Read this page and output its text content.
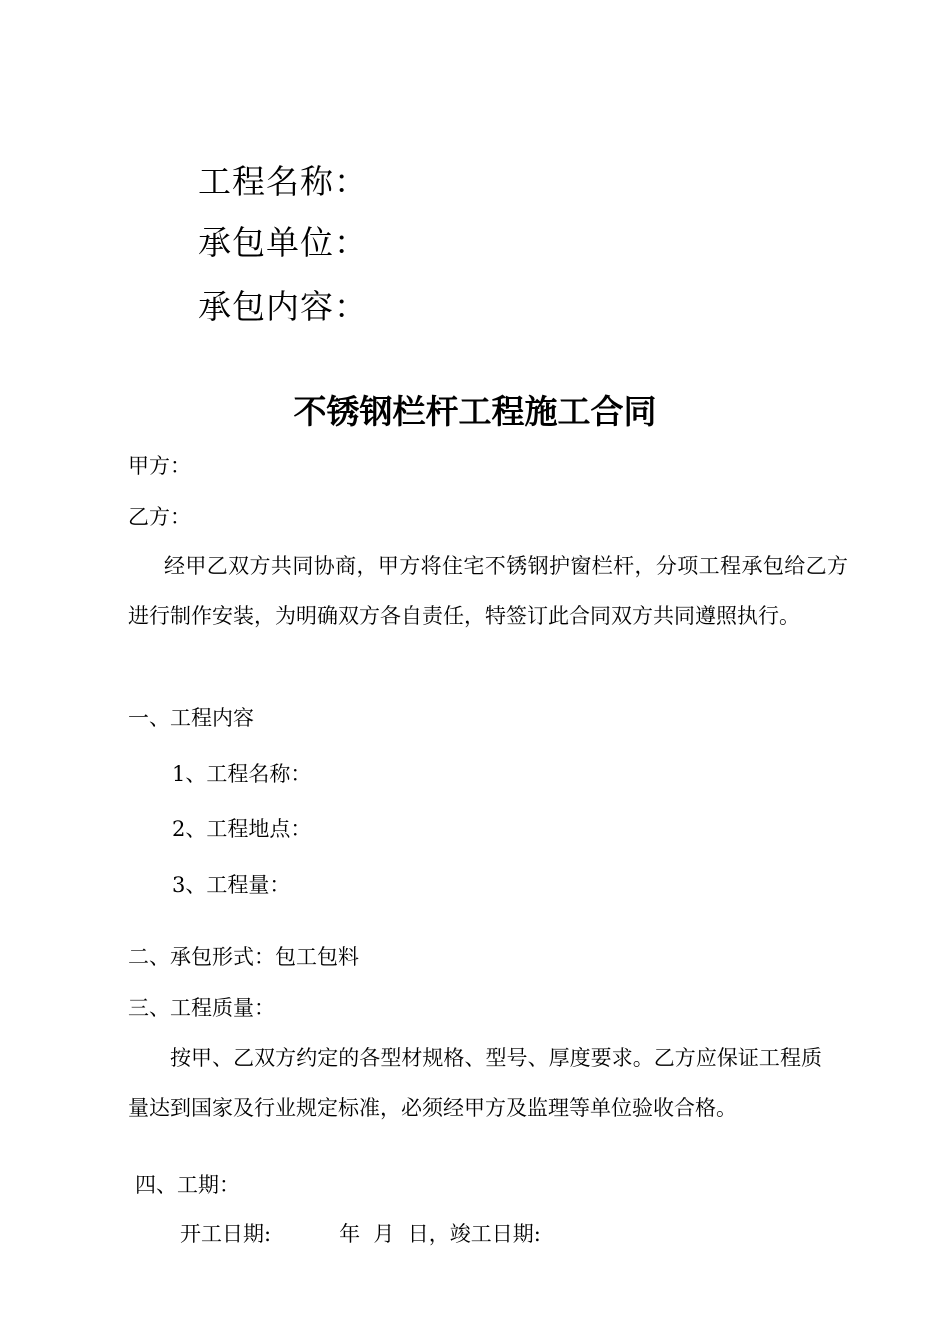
工程名称：
承包单位：
承包内容：
不锈钢栏杆工程施工合同
甲方：
乙方：
经甲乙双方共同协商，甲方将住宅不锈钢护窗栏杆，分项工程承包给乙方进行制作安装，为明确双方各自责任，特签订此合同双方共同遵照执行。
一、工程内容
1、工程名称：
2、工程地点：
3、工程量：
二、承包形式：包工包料
三、工程质量：
按甲、乙双方约定的各型材规格、型号、厚度要求。乙方应保证工程质量达到国家及行业规定标准，必须经甲方及监理等单位验收合格。
四、工期：
开工日期:	年  月  日，竣工日期:
